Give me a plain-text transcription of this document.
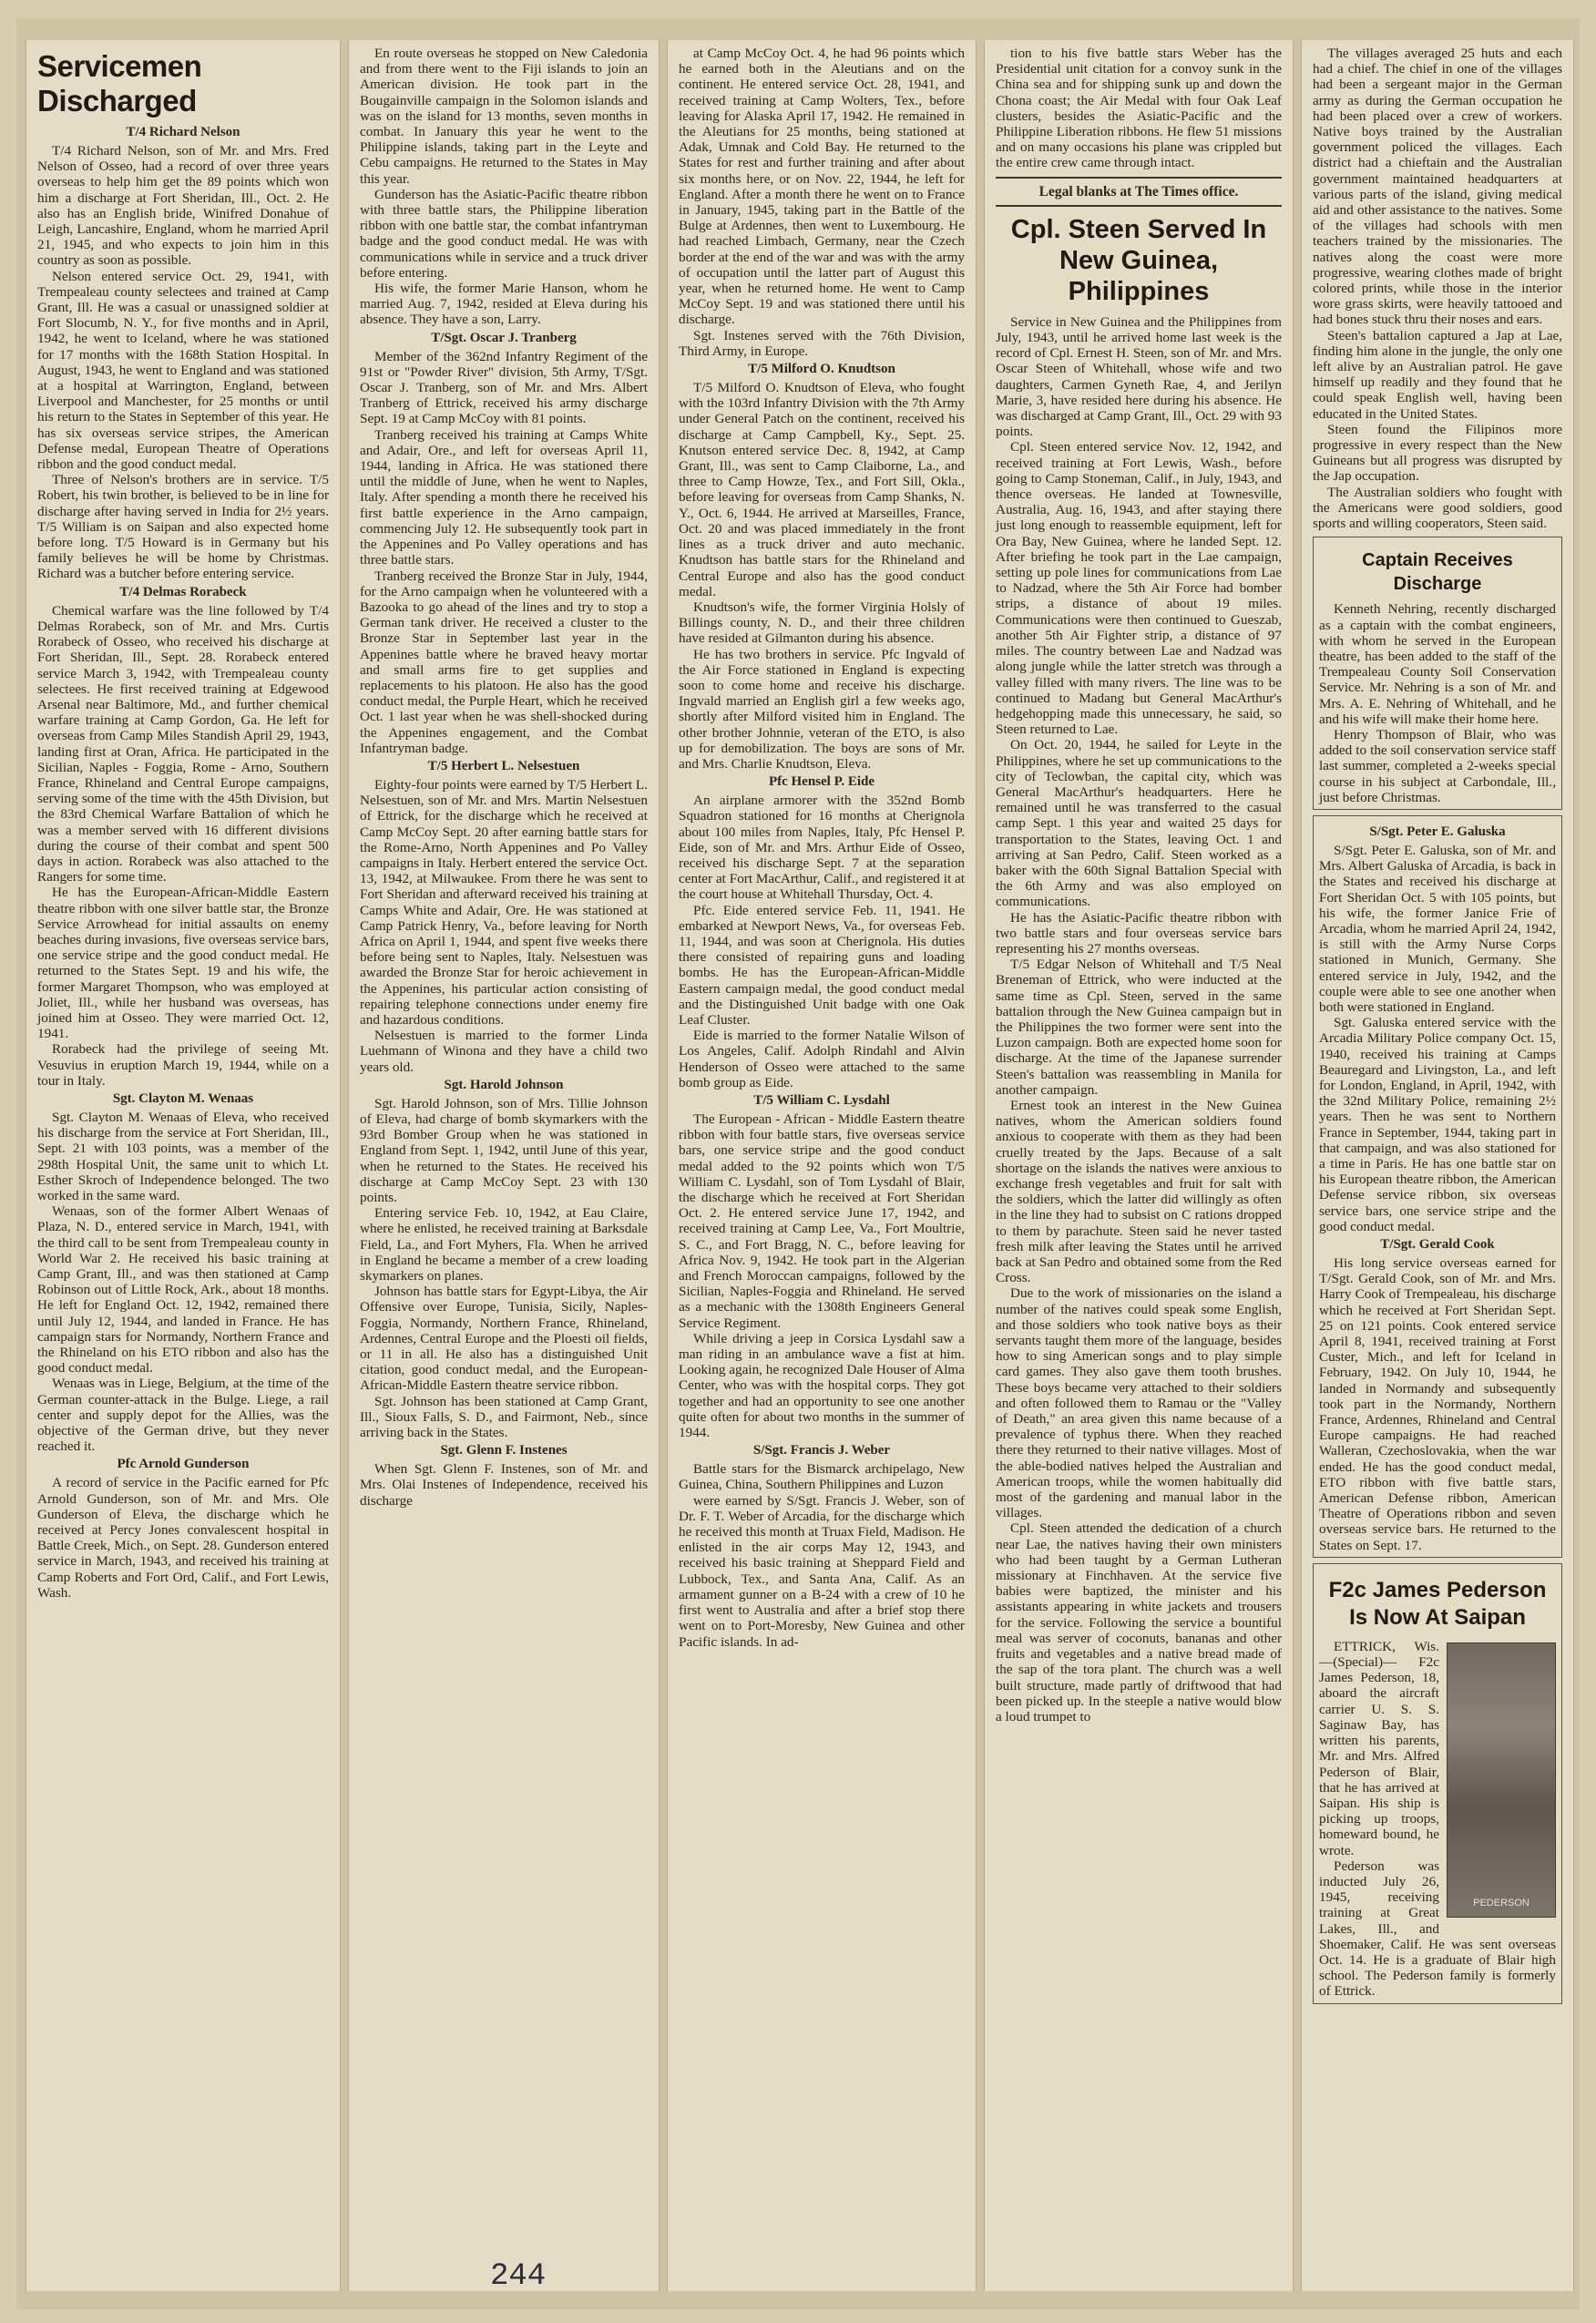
Servicemen Discharged
T/4 Richard Nelson

T/4 Richard Nelson, son of Mr. and Mrs. Fred Nelson of Osseo, had a record of over three years overseas to help him get the 89 points which won him a discharge at Fort Sheridan, Ill., Oct. 2. He also has an English bride, Winifred Donahue of Leigh, Lancashire, England, whom he married April 21, 1945, and who expects to join him in this country as soon as possible.

Nelson entered service Oct. 29, 1941, with Trempealeau county selectees and trained at Camp Grant, Ill. He was a casual or unassigned soldier at Fort Slocumb, N. Y., for five months and in April, 1942, he went to Iceland, where he was stationed for 17 months with the 168th Station Hospital. In August, 1943, he went to England and was stationed at a hospital at Warrington, England, between Liverpool and Manchester, for 25 months or until his return to the States in September of this year. He has six overseas service stripes, the American Defense medal, European Theatre of Operations ribbon and the good conduct medal.

Three of Nelson's brothers are in service. T/5 Robert, his twin brother, is believed to be in line for discharge after having served in India for 2½ years. T/5 William is on Saipan and also expected home before long. T/5 Howard is in Germany but his family believes he will be home by Christmas. Richard was a butcher before entering service.

T/4 Delmas Rorabeck

Chemical warfare was the line followed by T/4 Delmas Rorabeck, son of Mr. and Mrs. Curtis Rorabeck of Osseo, who received his discharge at Fort Sheridan, Ill., Sept. 28. Rorabeck entered service March 3, 1942, with Trempealeau county selectees. He first received training at Edgewood Arsenal near Baltimore, Md., and further chemical warfare training at Camp Gordon, Ga. He left for overseas from Camp Miles Standish April 29, 1943, landing first at Oran, Africa. He participated in the Sicilian, Naples - Foggia, Rome - Arno, Southern France, Rhineland and Central Europe campaigns, serving some of the time with the 45th Division, but the 83rd Chemical Warfare Battalion of which he was a member served with 16 different divisions during the course of their combat and spent 500 days in action. Rorabeck was also attached to the Rangers for some time.

He has the European-African-Middle Eastern theatre ribbon with one silver battle star, the Bronze Service Arrowhead for initial assaults on enemy beaches during invasions, five overseas service bars, one service stripe and the good conduct medal. He returned to the States Sept. 19 and his wife, the former Margaret Thompson, who was employed at Joliet, Ill., while her husband was overseas, has joined him at Osseo. They were married Oct. 12, 1941.

Rorabeck had the privilege of seeing Mt. Vesuvius in eruption March 19, 1944, while on a tour in Italy.

Sgt. Clayton M. Wenaas

Sgt. Clayton M. Wenaas of Eleva, who received his discharge from the service at Fort Sheridan, Ill., Sept. 21 with 103 points, was a member of the 298th Hospital Unit, the same unit to which Lt. Esther Skroch of Independence belonged. The two worked in the same ward.

Wenaas, son of the former Albert Wenaas of Plaza, N. D., entered service in March, 1941, with the third call to be sent from Trempealeau county in World War 2. He received his basic training at Camp Grant, Ill., and was then stationed at Camp Robinson out of Little Rock, Ark., about 18 months. He left for England Oct. 12, 1942, remained there until July 12, 1944, and landed in France. He has campaign stars for Normandy, Northern France and the Rhineland on his ETO ribbon and also has the good conduct medal.

Wenaas was in Liege, Belgium, at the time of the German counter-attack in the Bulge. Liege, a rail center and supply depot for the Allies, was the objective of the German drive, but they never reached it.

Pfc Arnold Gunderson

A record of service in the Pacific earned for Pfc Arnold Gunderson, son of Mr. and Mrs. Ole Gunderson of Eleva, the discharge which he received at Percy Jones convalescent hospital in Battle Creek, Mich., on Sept. 28. Gunderson entered service in March, 1943, and received his training at Camp Roberts and Fort Ord, Calif., and Fort Lewis, Wash.

En route overseas he stopped on New Caledonia and from there went to the Fiji islands to join an American division. He took part in the Bougainville campaign in the Solomon islands and was on the island for 13 months, seven months in combat. In January this year he went to the Philippine islands, taking part in the Leyte and Cebu campaigns. He returned to the States in May this year.

Gunderson has the Asiatic-Pacific theatre ribbon with three battle stars, the Philippine liberation ribbon with one battle star, the combat infantryman badge and the good conduct medal. He was with communications while in service and a truck driver before entering.

His wife, the former Marie Hanson, whom he married Aug. 7, 1942, resided at Eleva during his absence. They have a son, Larry.

T/Sgt. Oscar J. Tranberg

Member of the 362nd Infantry Regiment of the 91st or "Powder River" division, 5th Army, T/Sgt. Oscar J. Tranberg, son of Mr. and Mrs. Albert Tranberg of Ettrick, received his army discharge Sept. 19 at Camp McCoy with 81 points.

Tranberg received his training at Camps White and Adair, Ore., and left for overseas April 11, 1944, landing in Africa. He was stationed there until the middle of June, when he went to Naples, Italy. After spending a month there he received his first battle experience in the Arno campaign, commencing July 12. He subsequently took part in the Appenines and Po Valley operations and has three battle stars.

Tranberg received the Bronze Star in July, 1944, for the Arno campaign when he volunteered with a Bazooka to go ahead of the lines and try to stop a German tank driver. He received a cluster to the Bronze Star in September last year in the Appenines battle where he braved heavy mortar and small arms fire to get supplies and replacements to his platoon. He also has the good conduct medal, the Purple Heart, which he received Oct. 1 last year when he was shell-shocked during the Appenines engagement, and the Combat Infantryman badge.

T/5 Herbert L. Nelsestuen

Eighty-four points were earned by T/5 Herbert L. Nelsestuen, son of Mr. and Mrs. Martin Nelsestuen of Ettrick, for the discharge which he received at Camp McCoy Sept. 20 after earning battle stars for the Rome-Arno, North Appenines and Po Valley campaigns in Italy. Herbert entered the service Oct. 13, 1942, at Milwaukee. From there he was sent to Fort Sheridan and afterward received his training at Camps White and Adair, Ore. He was stationed at Camp Patrick Henry, Va., before leaving for North Africa on April 1, 1944, and spent five weeks there before being sent to Naples, Italy. Nelsestuen was awarded the Bronze Star for heroic achievement in the Appenines, his particular action consisting of repairing telephone connections under enemy fire and hazardous conditions.

Nelsestuen is married to the former Linda Luehmann of Winona and they have a child two years old.

Sgt. Harold Johnson

Sgt. Harold Johnson, son of Mrs. Tillie Johnson of Eleva, had charge of bomb skymarkers with the 93rd Bomber Group when he was stationed in England from Sept. 1, 1942, until June of this year, when he returned to the States. He received his discharge at Camp McCoy Sept. 23 with 130 points.

Entering service Feb. 10, 1942, at Eau Claire, where he enlisted, he received training at Barksdale Field, La., and Fort Myhers, Fla. When he arrived in England he became a member of a crew loading skymarkers on planes.

Johnson has battle stars for Egypt-Libya, the Air Offensive over Europe, Tunisia, Sicily, Naples-Foggia, Normandy, Northern France, Rhineland, Ardennes, Central Europe and the Ploesti oil fields, or 11 in all. He also has a distinguished Unit citation, good conduct medal, and the European-African-Middle Eastern theatre service ribbon.

Sgt. Johnson has been stationed at Camp Grant, Ill., Sioux Falls, S. D., and Fairmont, Neb., since arriving back in the States.

Sgt. Glenn F. Instenes

When Sgt. Glenn F. Instenes, son of Mr. and Mrs. Olai Instenes of Independence, received his discharge

at Camp McCoy Oct. 4, he had 96 points which he earned both in the Aleutians and on the continent. He entered service Oct. 28, 1941, and received training at Camp Wolters, Tex., before leaving for Alaska April 17, 1942. He remained in the Aleutians for 25 months, being stationed at Adak, Umnak and Cold Bay. He returned to the States for rest and further training and after about six months here, or on Nov. 22, 1944, he left for England. After a month there he went on to France in January, 1945, taking part in the Battle of the Bulge at Ardennes, then went to Luxembourg. He had reached Limbach, Germany, near the Czech border at the end of the war and was with the army of occupation until the latter part of August this year, when he returned home. He went to Camp McCoy Sept. 19 and was stationed there until his discharge.

Sgt. Instenes served with the 76th Division, Third Army, in Europe.

T/5 Milford O. Knudtson

T/5 Milford O. Knudtson of Eleva, who fought with the 103rd Infantry Division with the 7th Army under General Patch on the continent, received his discharge at Camp Campbell, Ky., Sept. 25. Knutson entered service Dec. 8, 1942, at Camp Grant, Ill., was sent to Camp Claiborne, La., and three to Camp Howze, Tex., and Fort Sill, Okla., before leaving for overseas from Camp Shanks, N. Y., Oct. 6, 1944. He arrived at Marseilles, France, Oct. 20 and was placed immediately in the front lines as a truck driver and auto mechanic. Knudtson has battle stars for the Rhineland and Central Europe and also has the good conduct medal.

Knudtson's wife, the former Virginia Holsly of Billings county, N. D., and their three children have resided at Gilmanton during his absence.

He has two brothers in service. Pfc Ingvald of the Air Force stationed in England is expecting soon to come home and receive his discharge. Ingvald married an English girl a few weeks ago, shortly after Milford visited him in England. The other brother Johnnie, veteran of the ETO, is also up for demobilization. The boys are sons of Mr. and Mrs. Charlie Knudtson, Eleva.

Pfc Hensel P. Eide

An airplane armorer with the 352nd Bomb Squadron stationed for 16 months at Cherignola about 100 miles from Naples, Italy, Pfc Hensel P. Eide, son of Mr. and Mrs. Arthur Eide of Osseo, received his discharge Sept. 7 at the separation center at Fort MacArthur, Calif., and registered it at the court house at Whitehall Thursday, Oct. 4.

Pfc. Eide entered service Feb. 11, 1941. He embarked at Newport News, Va., for overseas Feb. 11, 1944, and was soon at Cherignola. His duties there consisted of repairing guns and loading bombs. He has the European-African-Middle Eastern campaign medal, the good conduct medal and the Distinguished Unit badge with one Oak Leaf Cluster.

Eide is married to the former Natalie Wilson of Los Angeles, Calif. Adolph Rindahl and Alvin Henderson of Osseo were attached to the same bomb group as Eide.

T/5 William C. Lysdahl

The European - African - Middle Eastern theatre ribbon with four battle stars, five overseas service bars, one service stripe and the good conduct medal added to the 92 points which won T/5 William C. Lysdahl, son of Tom Lysdahl of Blair, the discharge which he received at Fort Sheridan Oct. 2. He entered service June 17, 1942, and received training at Camp Lee, Va., Fort Moultrie, S. C., and Fort Bragg, N. C., before leaving for Africa Nov. 9, 1942. He took part in the Algerian and French Moroccan campaigns, followed by the Sicilian, Naples-Foggia and Rhineland. He served as a mechanic with the 1308th Engineers General Service Regiment.

While driving a jeep in Corsica Lysdahl saw a man riding in an ambulance wave a fist at him. Looking again, he recognized Dale Houser of Alma Center, who was with the hospital corps. They got together and had an opportunity to see one another quite often for about two months in the summer of 1944.

S/Sgt. Francis J. Weber

Battle stars for the Bismarck archipelago, New Guinea, China, Southern Philippines and Luzon

were earned by S/Sgt. Francis J. Weber, son of Dr. F. T. Weber of Arcadia, for the discharge which he received this month at Truax Field, Madison. He enlisted in the air corps May 12, 1943, and received his basic training at Sheppard Field and Lubbock, Tex., and Santa Ana, Calif. As an armament gunner on a B-24 with a crew of 10 he first went to Australia and after a brief stop there went on to Port-Moresby, New Guinea and other Pacific islands. In ad-

tion to his five battle stars Weber has the Presidential unit citation for a convoy sunk in the China sea and for shipping sunk up and down the Chona coast; the Air Medal with four Oak Leaf clusters, besides the Asiatic-Pacific and the Philippine Liberation ribbons. He flew 51 missions and on many occasions his plane was crippled but the entire crew came through intact.

Legal blanks at The Times office.
Cpl. Steen Served In New Guinea, Philippines

Service in New Guinea and the Philippines from July, 1943, until he arrived home last week is the record of Cpl. Ernest H. Steen, son of Mr. and Mrs. Oscar Steen of Whitehall, whose wife and two daughters, Carmen Gyneth Rae, 4, and Jerilyn Marie, 3, have resided here during his absence. He was discharged at Camp Grant, Ill., Oct. 29 with 93 points.

Cpl. Steen entered service Nov. 12, 1942, and received training at Fort Lewis, Wash., before going to Camp Stoneman, Calif., in July, 1943, and thence overseas. He landed at Townesville, Australia, Aug. 16, 1943, and after staying there just long enough to reassemble equipment, left for Ora Bay, New Guinea, where he landed Sept. 12. After briefing he took part in the Lae campaign, setting up pole lines for communications from Lae to Nadzad, where the 5th Air Force had bomber strips, a distance of about 19 miles. Communications were then continued to Gueszab, another 5th Air Fighter strip, a distance of 97 miles. The country between Lae and Nadzad was along jungle while the latter stretch was through a valley filled with many rivers. The line was to be continued to Madang but General MacArthur's hedgehopping made this unnecessary, he said, so Steen returned to Lae.

On Oct. 20, 1944, he sailed for Leyte in the Philippines, where he set up communications to the city of Teclowban, the capital city, which was General MacArthur's headquarters. Here he remained until he was transferred to the casual camp Sept. 1 this year and waited 25 days for transportation to the States, leaving Oct. 1 and arriving at San Pedro, Calif. Steen worked as a baker with the 60th Signal Battalion Special with the 6th Army and was also employed on communications.

He has the Asiatic-Pacific theatre ribbon with two battle stars and four overseas service bars representing his 27 months overseas.

T/5 Edgar Nelson of Whitehall and T/5 Neal Breneman of Ettrick, who were inducted at the same time as Cpl. Steen, served in the same battalion through the New Guinea campaign but in the Philippines the two former were sent into the Luzon campaign. Both are expected home soon for discharge. At the time of the Japanese surrender Steen's battalion was reassembling in Manila for another campaign.

Ernest took an interest in the New Guinea natives, whom the American soldiers found anxious to cooperate with them as they had been cruelly treated by the Japs. Because of a salt shortage on the islands the natives were anxious to exchange fresh vegetables and fruit for salt with the soldiers, which the latter did willingly as often in the line they had to subsist on C rations dropped to them by parachute. Steen said he never tasted fresh milk after leaving the States until he arrived back at San Pedro and obtained some from the Red Cross.

Due to the work of missionaries on the island a number of the natives could speak some English, and those soldiers who took native boys as their servants taught them more of the language, besides how to sing American songs and to play simple card games. They also gave them tooth brushes. These boys became very attached to their soldiers and often followed them to Ramau or the "Valley of Death," an area given this name because of a prevalence of typhus there. When they reached there they returned to their native villages. Most of the able-bodied natives helped the Australian and American troops, while the women habitually did most of the gardening and manual labor in the villages.

Cpl. Steen attended the dedication of a church near Lae, the natives having their own ministers who had been taught by a German Lutheran missionary at Finchhaven. At the service five babies were baptized, the minister and his assistants appearing in white jackets and trousers for the service. Following the service a bountiful meal was server of coconuts, bananas and other fruits and vegetables and a native bread made of the sap of the tora plant. The church was a well built structure, made partly of driftwood that had been picked up. In the steeple a native would blow a loud trumpet to

The villages averaged 25 huts and each had a chief. The chief in one of the villages had been a sergeant major in the German army as during the German occupation he had been placed over a crew of workers. Native boys trained by the Australian government policed the villages. Each district had a chieftain and the Australian government maintained headquarters at various parts of the island, giving medical aid and other assistance to the natives. Some of the villages had schools with men teachers trained by the missionaries. The natives along the coast were more progressive, wearing clothes made of bright colored prints, while those in the interior wore grass skirts, were heavily tattooed and had bones stuck thru their noses and ears.

Steen's battalion captured a Jap at Lae, finding him alone in the jungle, the only one left alive by an Australian patrol. He gave himself up readily and they found that he could speak English well, having been educated in the United States.

Steen found the Filipinos more progressive in every respect than the New Guineans but all progress was disrupted by the Jap occupation.

The Australian soldiers who fought with the Americans were good soldiers, good sports and willing cooperators, Steen said.

Captain Receives Discharge

Kenneth Nehring, recently discharged as a captain with the combat engineers, with whom he served in the European theatre, has been added to the staff of the Trempealeau County Soil Conservation Service. Mr. Nehring is a son of Mr. and Mrs. A. E. Nehring of Whitehall, and he and his wife will make their home here.

Henry Thompson of Blair, who was added to the soil conservation service staff last summer, completed a 2-weeks special course in his subject at Carbondale, Ill., just before Christmas.

S/Sgt. Peter E. Galuska

S/Sgt. Peter E. Galuska, son of Mr. and Mrs. Albert Galuska of Arcadia, is back in the States and received his discharge at Fort Sheridan Oct. 5 with 105 points, but his wife, the former Janice Frie of Arcadia, whom he married April 24, 1942, is still with the Army Nurse Corps stationed in Munich, Germany. She entered service in July, 1942, and the couple were able to see one another when both were stationed in England.

Sgt. Galuska entered service with the Arcadia Military Police company Oct. 15, 1940, received his training at Camps Beauregard and Livingston, La., and left for London, England, in April, 1942, with the 32nd Military Police, remaining 2½ years. Then he was sent to Northern France in September, 1944, taking part in that campaign, and was also stationed for a time in Paris. He has one battle star on his European theatre ribbon, the American Defense service ribbon, six overseas service bars, one service stripe and the good conduct medal.

T/Sgt. Gerald Cook

His long service overseas earned for T/Sgt. Gerald Cook, son of Mr. and Mrs. Harry Cook of Trempealeau, his discharge which he received at Fort Sheridan Sept. 25 on 121 points. Cook entered service April 8, 1941, received training at Forst Custer, Mich., and left for Iceland in February, 1942. On July 10, 1944, he landed in Normandy and subsequently took part in the Normandy, Northern France, Ardennes, Rhineland and Central Europe campaigns. He had reached Walleran, Czechoslovakia, when the war ended. He has the good conduct medal, ETO ribbon with five battle stars, American Defense ribbon, American Theatre of Operations ribbon and seven overseas service bars. He returned to the States on Sept. 17.

F2c James Pederson Is Now At Saipan
PEDERSON

ETTRICK, Wis. —(Special)— F2c James Pederson, 18, aboard the aircraft carrier U. S. S. Saginaw Bay, has written his parents, Mr. and Mrs. Alfred Pederson of Blair, that he has arrived at Saipan. His ship is picking up troops, homeward bound, he wrote.

Pederson was inducted July 26, 1945, receiving training at Great Lakes, Ill., and Shoemaker, Calif. He was sent overseas Oct. 14. He is a graduate of Blair high school. The Pederson family is formerly of Ettrick.

244
